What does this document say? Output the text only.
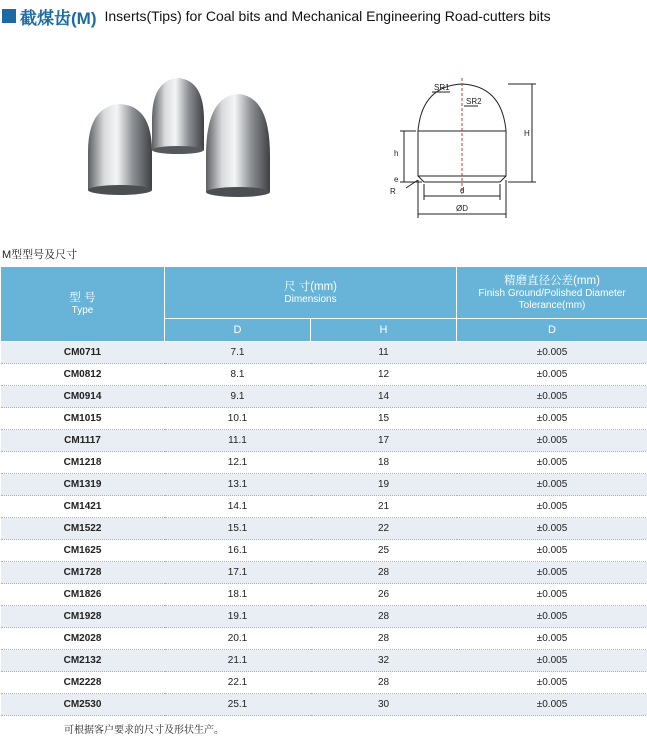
截煤齿(M) Inserts(Tips) for Coal bits and Mechanical Engineering Road-cutters bits
SR1
SR2
h
H
e
R	d
ØD
M型型号及尺寸
型 号
Type	尺 寸(mm)
Dimensions		精磨直径公差(mm)
Finish Ground/Polished Diameter Tolerance(mm)

	D	H	D
CM0711	7.1	11	±0.005
CM0812	8.1	12	±0.005
CM0914	9.1	14	±0.005
CM1015	10.1	15	±0.005
CM1117	11.1	17	±0.005
CM1218	12.1	18	±0.005
CM1319	13.1	19	±0.005
CM1421	14.1	21	±0.005
CM1522	15.1	22	±0.005
CM1625	16.1	25	±0.005
CM1728	17.1	28	±0.005
CM1826	18.1	26	±0.005
CM1928	19.1	28	±0.005
CM2028	20.1	28	±0.005
CM2132	21.1	32	±0.005
CM2228	22.1	28	±0.005
CM2530	25.1	30	±0.005
可根据客户要求的尺寸及形状生产。
